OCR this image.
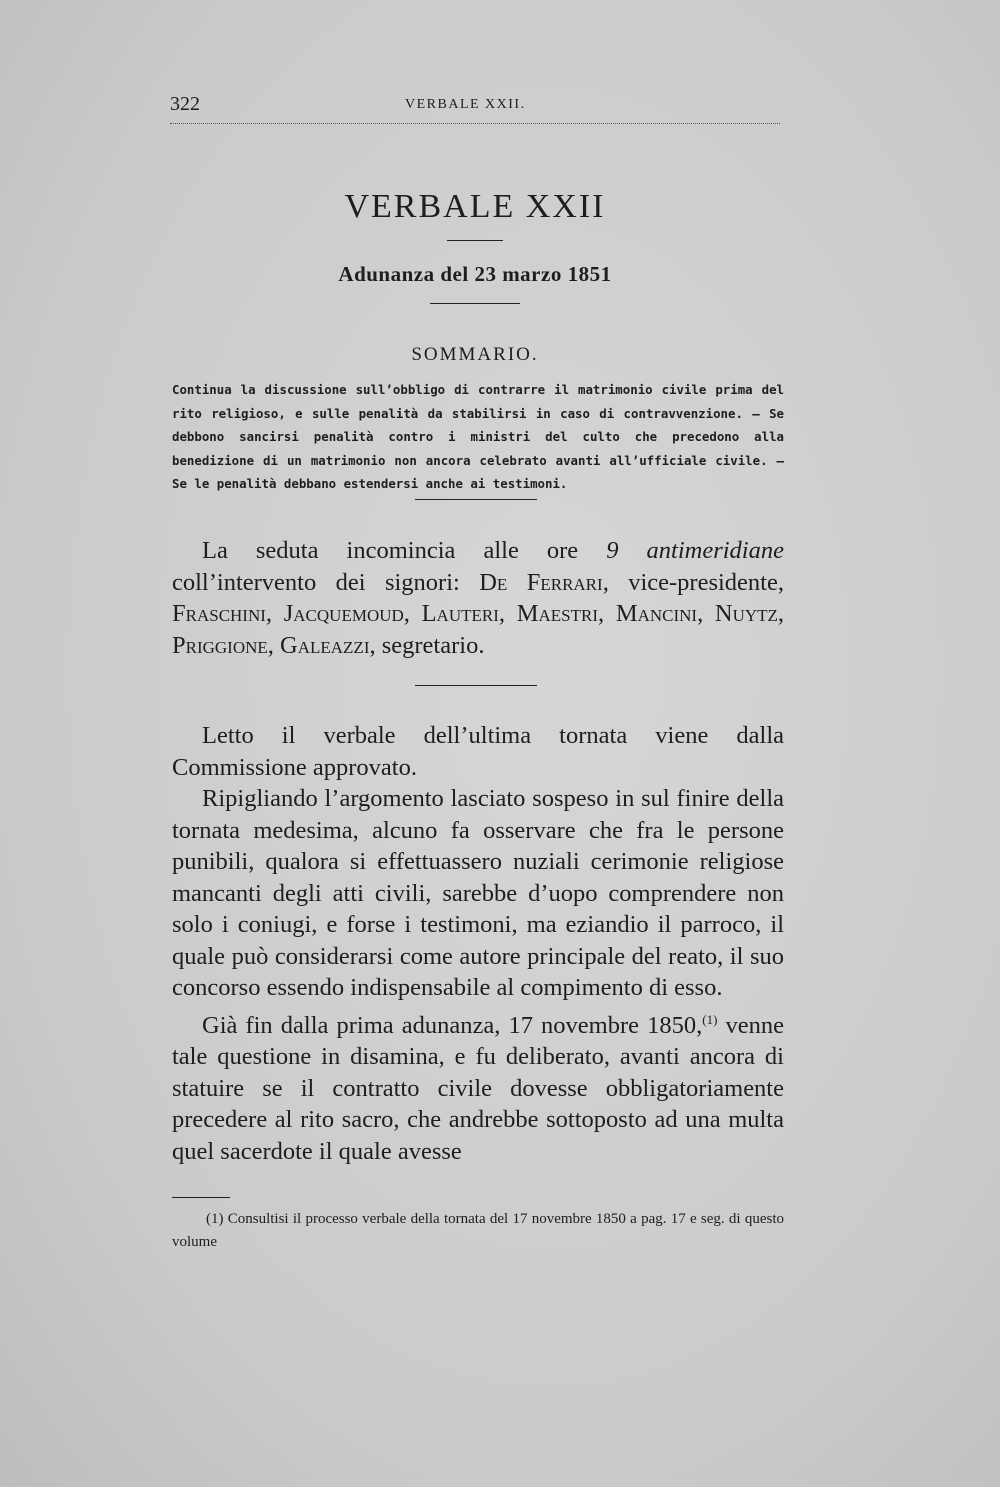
322	VERBALE XXII.
VERBALE XXII
Adunanza del 23 marzo 1851
SOMMARIO.
Continua la discussione sull’obbligo di contrarre il matrimonio civile prima del rito religioso, e sulle penalità da stabilirsi in caso di contravvenzione. — Se debbono sancirsi penalità contro i ministri del culto che precedono alla benedizione di un matrimonio non ancora celebrato avanti all’ufficiale civile. — Se le penalità debbano estendersi anche ai testimoni.

La seduta incomincia alle ore 9 antimeridiane coll’intervento dei signori: De Ferrari, vice-presidente, Fraschini, Jacquemoud, Lauteri, Maestri, Mancini, Nuytz, Priggione, Galeazzi, segretario.

Letto il verbale dell’ultima tornata viene dalla Commissione approvato.

Ripigliando l’argomento lasciato sospeso in sul finire della tornata medesima, alcuno fa osservare che fra le persone punibili, qualora si effettuassero nuziali cerimonie religiose mancanti degli atti civili, sarebbe d’uopo comprendere non solo i coniugi, e forse i testimoni, ma eziandio il parroco, il quale può considerarsi come autore principale del reato, il suo concorso essendo indispensabile al compimento di esso.

Già fin dalla prima adunanza, 17 novembre 1850,$^{(1)}$ venne tale questione in disamina, e fu deliberato, avanti ancora di statuire se il contratto civile dovesse obbligatoriamente precedere al rito sacro, che andrebbe sottoposto ad una multa quel sacerdote il quale avesse

(1) Consultisi il processo verbale della tornata del 17 novembre 1850 a pag. 17 e seg. di questo volume
